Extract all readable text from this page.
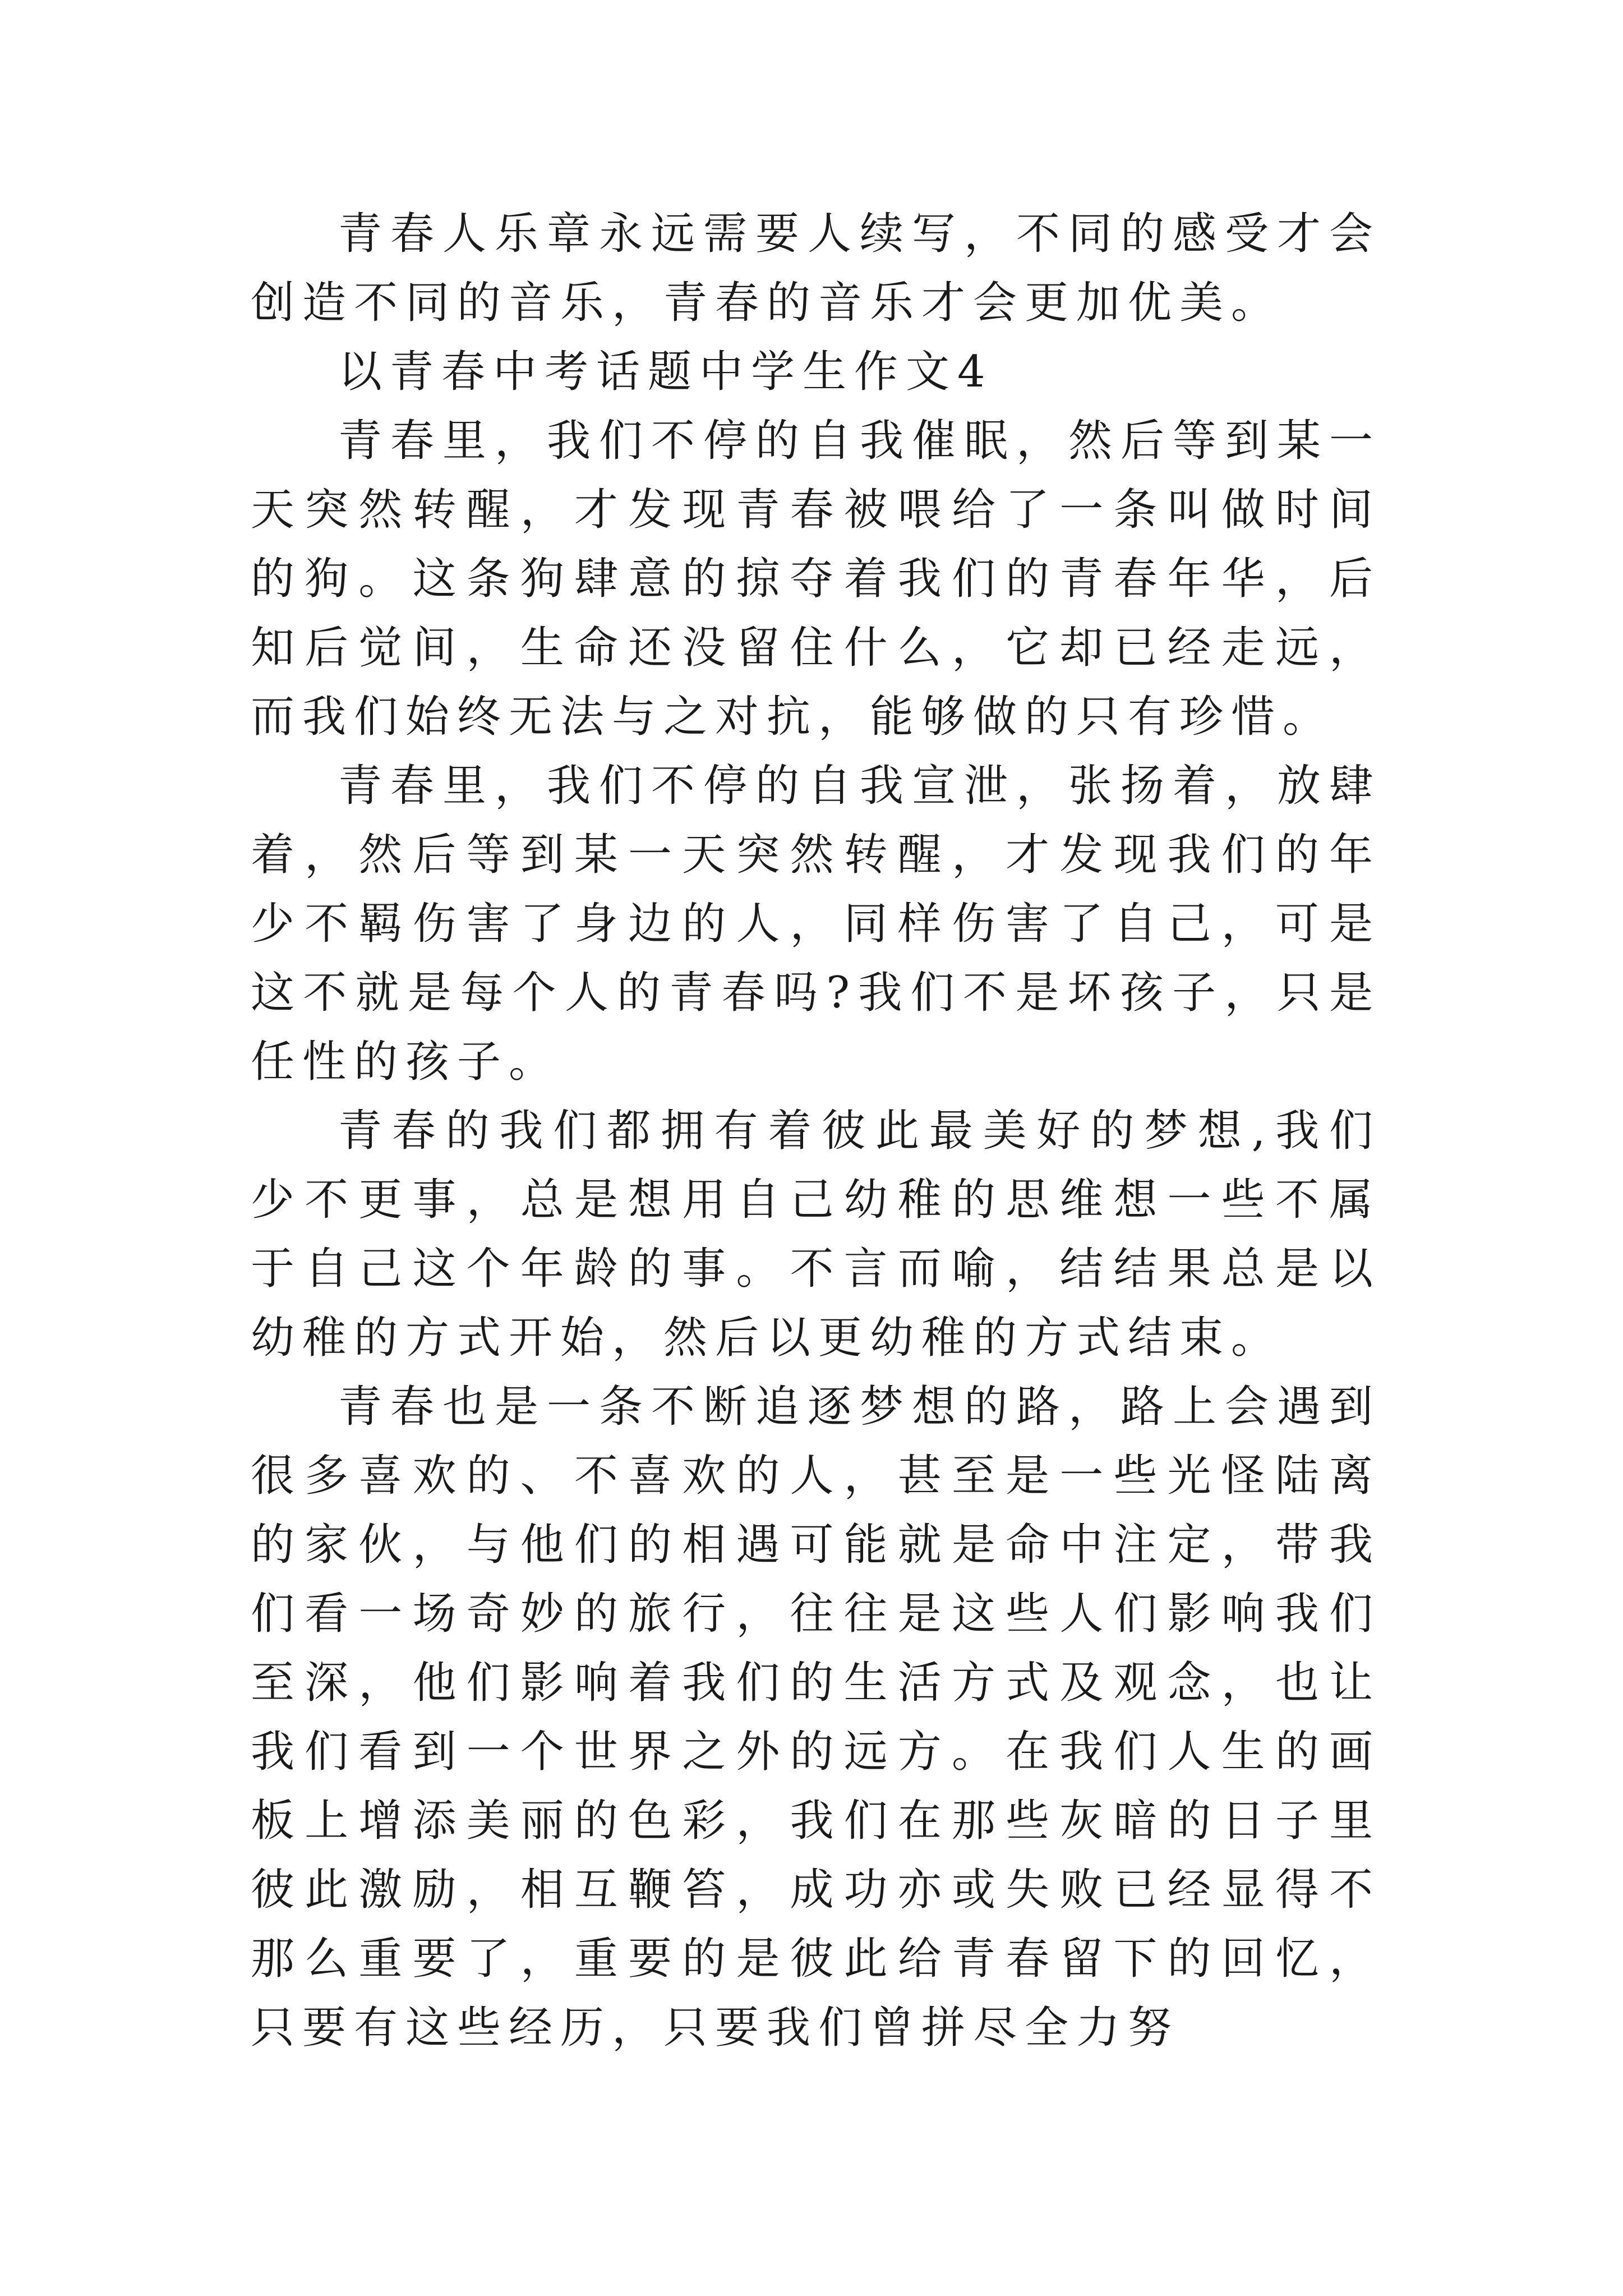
青春人乐章永远需要人续写，不同的感受才会创造不同的音乐，青春的音乐才会更加优美。

以青春中考话题中学生作文4

青春里，我们不停的自我催眠，然后等到某一天突然转醒，才发现青春被喂给了一条叫做时间的狗。这条狗肆意的掠夺着我们的青春年华，后知后觉间，生命还没留住什么，它却已经走远，而我们始终无法与之对抗，能够做的只有珍惜。

青春里，我们不停的自我宣泄，张扬着，放肆着，然后等到某一天突然转醒，才发现我们的年少不羁伤害了身边的人，同样伤害了自己，可是这不就是每个人的青春吗?我们不是坏孩子，只是任性的孩子。

青春的我们都拥有着彼此最美好的梦想,我们少不更事，总是想用自己幼稚的思维想一些不属于自己这个年龄的事。不言而喻，结结果总是以幼稚的方式开始，然后以更幼稚的方式结束。

青春也是一条不断追逐梦想的路，路上会遇到很多喜欢的、不喜欢的人，甚至是一些光怪陆离的家伙，与他们的相遇可能就是命中注定，带我们看一场奇妙的旅行，往往是这些人们影响我们至深，他们影响着我们的生活方式及观念，也让我们看到一个世界之外的远方。在我们人生的画板上增添美丽的色彩，我们在那些灰暗的日子里彼此激励，相互鞭笞，成功亦或失败已经显得不那么重要了，重要的是彼此给青春留下的回忆，只要有这些经历，只要我们曾拼尽全力努
